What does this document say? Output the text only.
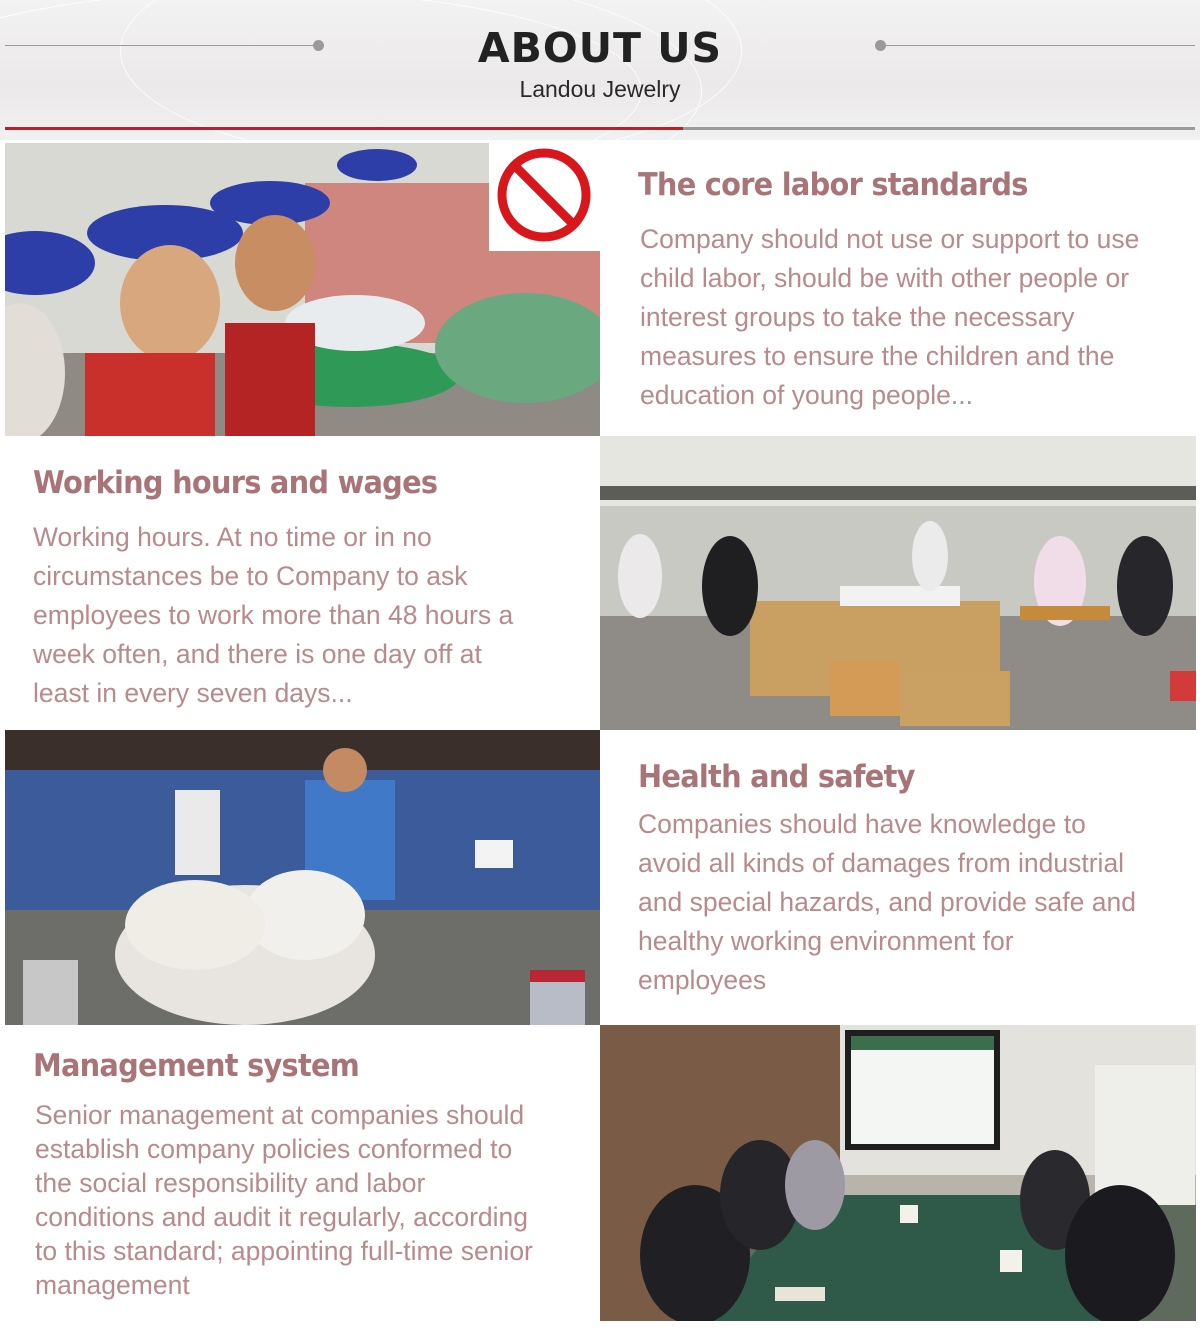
ABOUT US
Landou Jewelry
The core labor standards
Company should not use or support to use
child labor, should be with other people or
interest groups to take the necessary
measures to ensure the children and the
education of young people...
Working hours and wages
Working hours. At no time or in no
circumstances be to Company to ask
employees to work more than 48 hours a
week often, and there is one day off at
least in every seven days...
Health and safety
Companies should have knowledge to
avoid all kinds of damages from industrial
and special hazards, and provide safe and
healthy working environment for
employees
Management system
Senior management at companies should
establish company policies conformed to
the social responsibility and labor
conditions and audit it regularly, according
to this standard; appointing full-time senior
management
